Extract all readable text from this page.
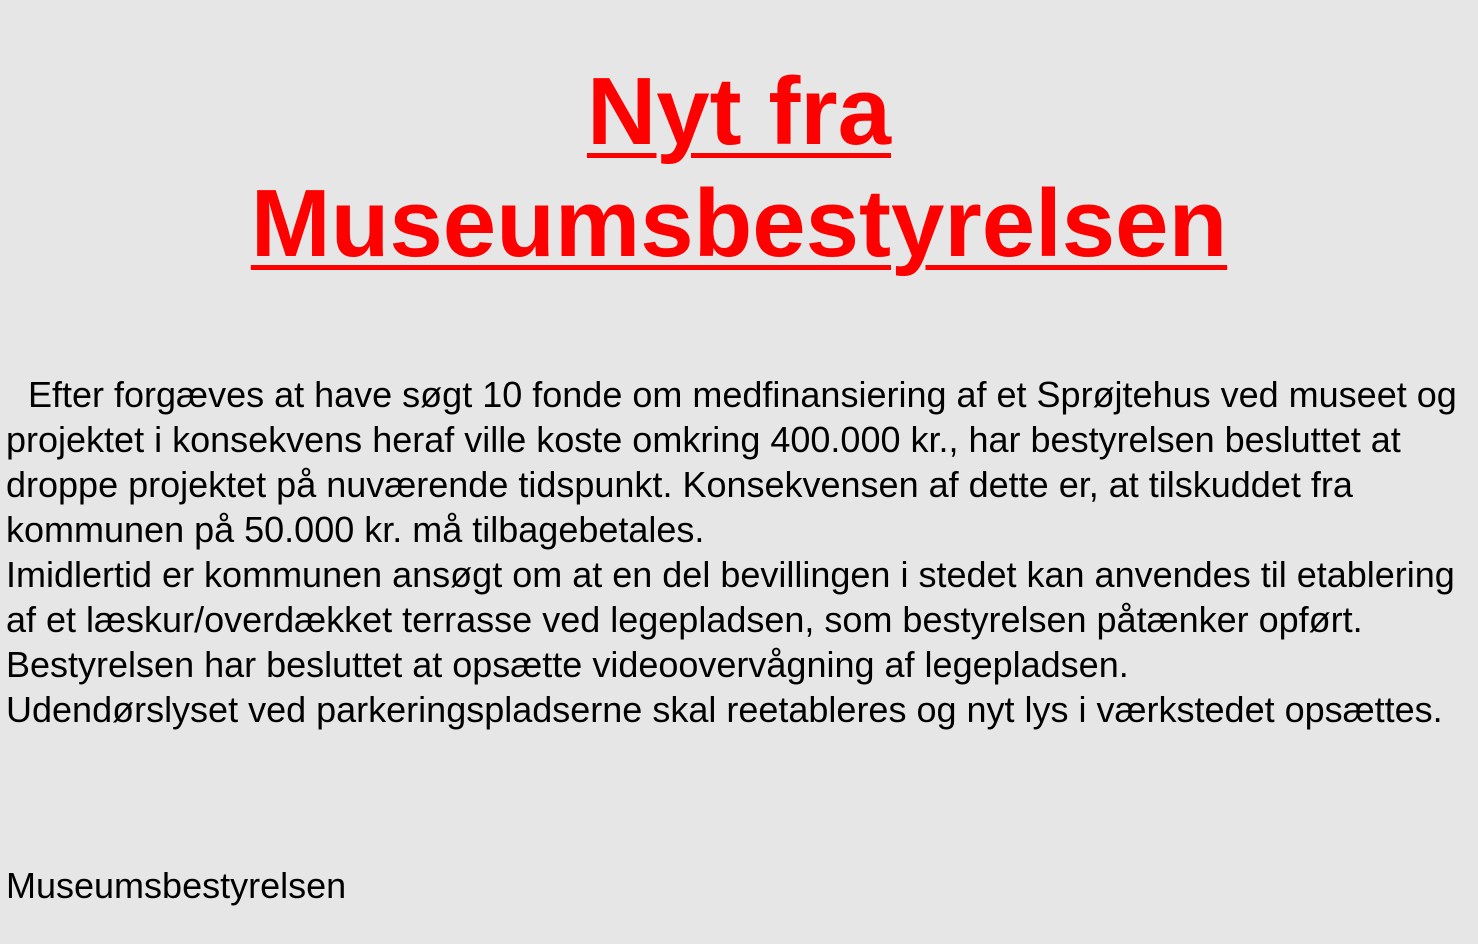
Nyt fra
Museumsbestyrelsen

Efter forgæves at have søgt 10 fonde om medfinansiering af et Sprøjtehus ved museet og projektet i konsekvens heraf ville koste omkring 400.000 kr., har bestyrelsen besluttet at droppe projektet på nuværende tidspunkt. Konsekvensen af dette er, at tilskuddet fra kommunen på 50.000 kr. må tilbagebetales.

Imidlertid er kommunen ansøgt om at en del bevillingen i stedet kan anvendes til etablering af et læskur/overdækket terrasse ved legepladsen, som bestyrelsen påtænker opført.

Bestyrelsen har besluttet at opsætte videoovervågning af legepladsen.

Udendørslyset ved parkeringspladserne skal reetableres og nyt lys i værkstedet opsættes.

Museumsbestyrelsen
